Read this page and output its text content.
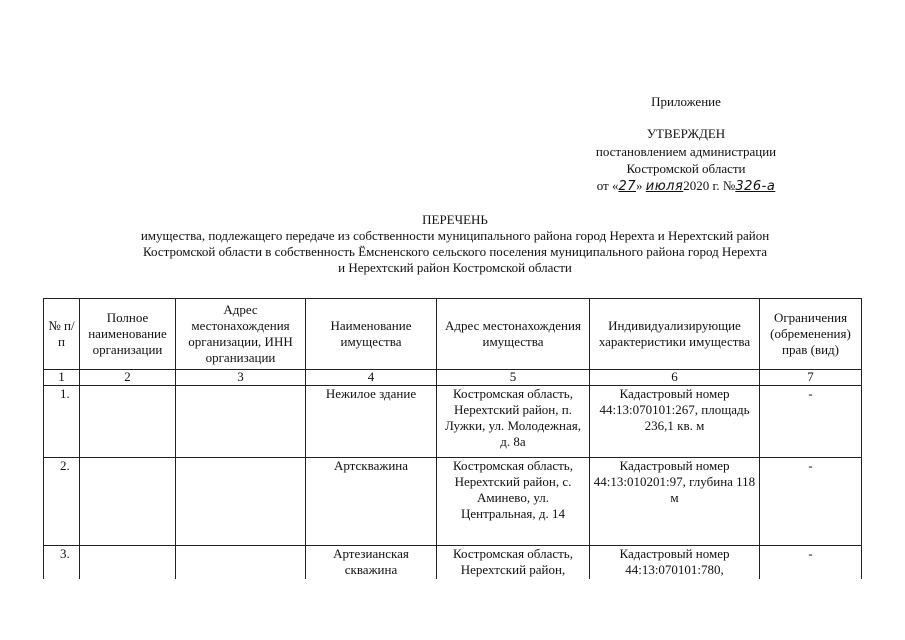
Приложение
УТВЕРЖДЕН
постановлением администрации
Костромской области
от «27» июля2020 г. №326-а
ПЕРЕЧЕНЬ
имущества, подлежащего передаче из собственности муниципального района город Нерехта и Нерехтский район
Костромской области в собственность Ёмсненского сельского поселения муниципального района город Нерехта
и Нерехтский район Костромской области
№ п/п	Полное наименование организации	Адрес местонахождения организации, ИНН организации	Наименование имущества	Адрес местонахождения имущества	Индивидуализирующие характеристики имущества	Ограничения (обременения) прав (вид)
1	2	3	4	5	6	7
1.			Нежилое здание	Костромская область, Нерехтский район, п. Лужки, ул. Молодежная, д. 8а	Кадастровый номер 44:13:070101:267, площадь 236,1 кв. м	-
2.			Артскважина	Костромская область, Нерехтский район, с. Аминево, ул. Центральная, д. 14	Кадастровый номер 44:13:010201:97, глубина 118 м	-
3.			Артезианская скважина	Костромская область, Нерехтский район,	Кадастровый номер 44:13:070101:780,	-
